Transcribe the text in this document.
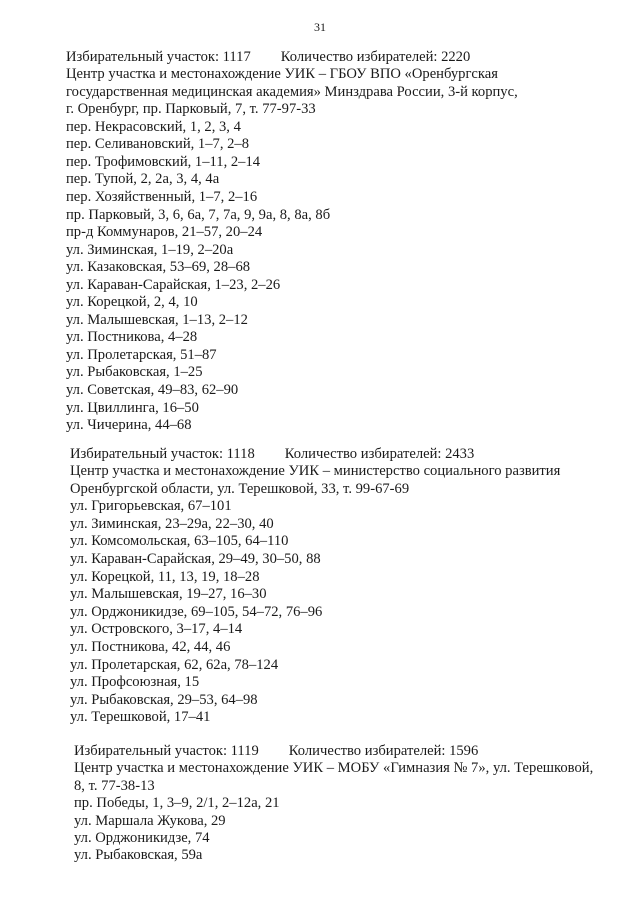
31
Избирательный участок: 1117 Количество избирателей: 2220
Центр участка и местонахождение УИК – ГБОУ ВПО «Оренбургская
государственная медицинская академия» Минздрава России, 3-й корпус,
г. Оренбург, пр. Парковый, 7, т. 77-97-33
пер. Некрасовский, 1, 2, 3, 4
пер. Селивановский, 1–7, 2–8
пер. Трофимовский, 1–11, 2–14
пер. Тупой, 2, 2а, 3, 4, 4а
пер. Хозяйственный, 1–7, 2–16
пр. Парковый, 3, 6, 6а, 7, 7а, 9, 9а, 8, 8а, 8б
пр-д Коммунаров, 21–57, 20–24
ул. Зиминская, 1–19, 2–20а
ул. Казаковская, 53–69, 28–68
ул. Караван-Сарайская, 1–23, 2–26
ул. Корецкой, 2, 4, 10
ул. Малышевская, 1–13, 2–12
ул. Постникова, 4–28
ул. Пролетарская, 51–87
ул. Рыбаковская, 1–25
ул. Советская, 49–83, 62–90
ул. Цвиллинга, 16–50
ул. Чичерина, 44–68
Избирательный участок: 1118 Количество избирателей: 2433
Центр участка и местонахождение УИК – министерство социального развития
Оренбургской области, ул. Терешковой, 33, т. 99-67-69
ул. Григорьевская, 67–101
ул. Зиминская, 23–29а, 22–30, 40
ул. Комсомольская, 63–105, 64–110
ул. Караван-Сарайская, 29–49, 30–50, 88
ул. Корецкой, 11, 13, 19, 18–28
ул. Малышевская, 19–27, 16–30
ул. Орджоникидзе, 69–105, 54–72, 76–96
ул. Островского, 3–17, 4–14
ул. Постникова, 42, 44, 46
ул. Пролетарская, 62, 62а, 78–124
ул. Профсоюзная, 15
ул. Рыбаковская, 29–53, 64–98
ул. Терешковой, 17–41
Избирательный участок: 1119 Количество избирателей: 1596
Центр участка и местонахождение УИК – МОБУ «Гимназия № 7», ул. Терешковой,
8, т. 77-38-13
пр. Победы, 1, 3–9, 2/1, 2–12а, 21
ул. Маршала Жукова, 29
ул. Орджоникидзе, 74
ул. Рыбаковская, 59а
